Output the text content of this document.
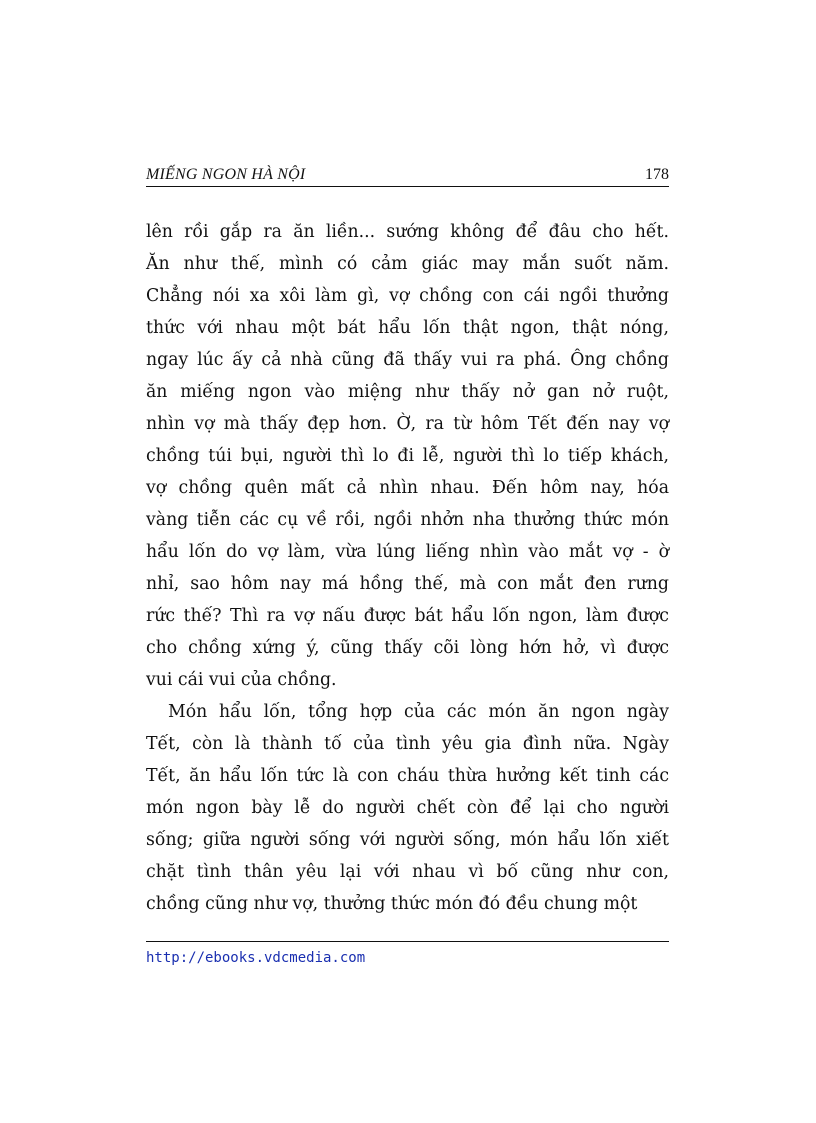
MIẾNG NGON HÀ NỘI	178

lên rồi gắp ra ăn liền... sướng không để đâu cho hết.
Ăn như thế, mình có cảm giác may mắn suốt năm.
Chẳng nói xa xôi làm gì, vợ chồng con cái ngồi thưởng
thức với nhau một bát hẩu lốn thật ngon, thật nóng,
ngay lúc ấy cả nhà cũng đã thấy vui ra phá. Ông chồng
ăn miếng ngon vào miệng như thấy nở gan nở ruột,
nhìn vợ mà thấy đẹp hơn. Ờ, ra từ hôm Tết đến nay vợ
chồng túi bụi, người thì lo đi lễ, người thì lo tiếp khách,
vợ chồng quên mất cả nhìn nhau. Đến hôm nay, hóa
vàng tiễn các cụ về rồi, ngồi nhởn nha thưởng thức món
hẩu lốn do vợ làm, vừa lúng liếng nhìn vào mắt vợ - ờ
nhỉ, sao hôm nay má hồng thế, mà con mắt đen rưng
rức thế? Thì ra vợ nấu được bát hẩu lốn ngon, làm được
cho chồng xứng ý, cũng thấy cõi lòng hớn hở, vì được
vui cái vui của chồng.

Món hẩu lốn, tổng hợp của các món ăn ngon ngày
Tết, còn là thành tố của tình yêu gia đình nữa. Ngày
Tết, ăn hẩu lốn tức là con cháu thừa hưởng kết tinh các
món ngon bày lễ do người chết còn để lại cho người
sống; giữa người sống với người sống, món hẩu lốn xiết
chặt tình thân yêu lại với nhau vì bố cũng như con,
chồng cũng như vợ, thưởng thức món đó đều chung một

http://ebooks.vdcmedia.com
